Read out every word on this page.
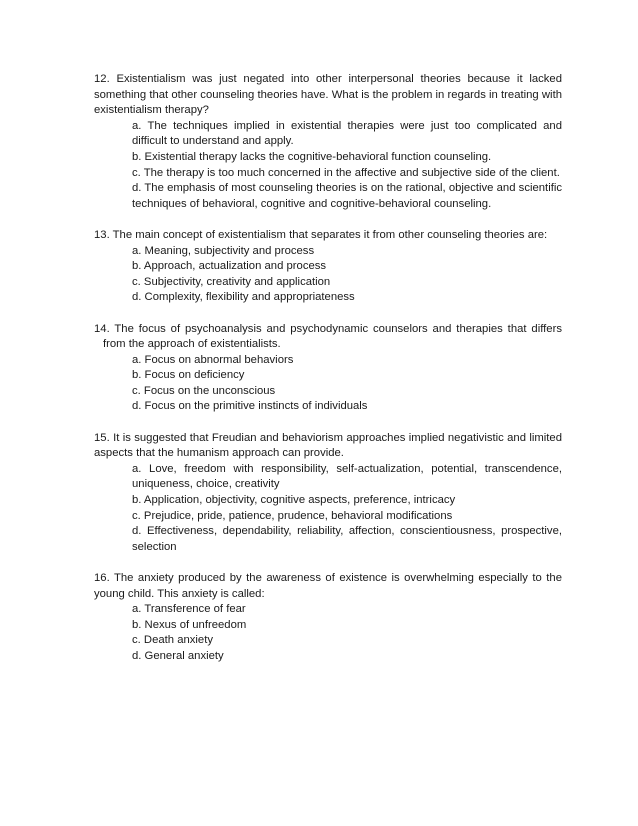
12. Existentialism was just negated into other interpersonal theories because it lacked something that other counseling theories have. What is the problem in regards in treating with existentialism therapy?

a. The techniques implied in existential therapies were just too complicated and difficult to understand and apply.
b. Existential therapy lacks the cognitive-behavioral function counseling.
c. The therapy is too much concerned in the affective and subjective side of the client.
d. The emphasis of most counseling theories is on the rational, objective and scientific techniques of behavioral, cognitive and cognitive-behavioral counseling.

13. The main concept of existentialism that separates it from other counseling theories are:

a. Meaning, subjectivity and process
b. Approach, actualization and process
c. Subjectivity, creativity and application
d. Complexity, flexibility and appropriateness

14. The focus of psychoanalysis and psychodynamic counselors and therapies that differs from the approach of existentialists.

a. Focus on abnormal behaviors
b. Focus on deficiency
c. Focus on the unconscious
d. Focus on the primitive instincts of individuals

15. It is suggested that Freudian and behaviorism approaches implied negativistic and limited aspects that the humanism approach can provide.

a. Love, freedom with responsibility, self-actualization, potential, transcendence, uniqueness, choice, creativity
b. Application, objectivity, cognitive aspects, preference, intricacy
c. Prejudice, pride, patience, prudence, behavioral modifications
d. Effectiveness, dependability, reliability, affection, conscientiousness, prospective, selection

16. The anxiety produced by the awareness of existence is overwhelming especially to the young child. This anxiety is called:

a. Transference of fear
b. Nexus of unfreedom
c. Death anxiety
d. General anxiety
